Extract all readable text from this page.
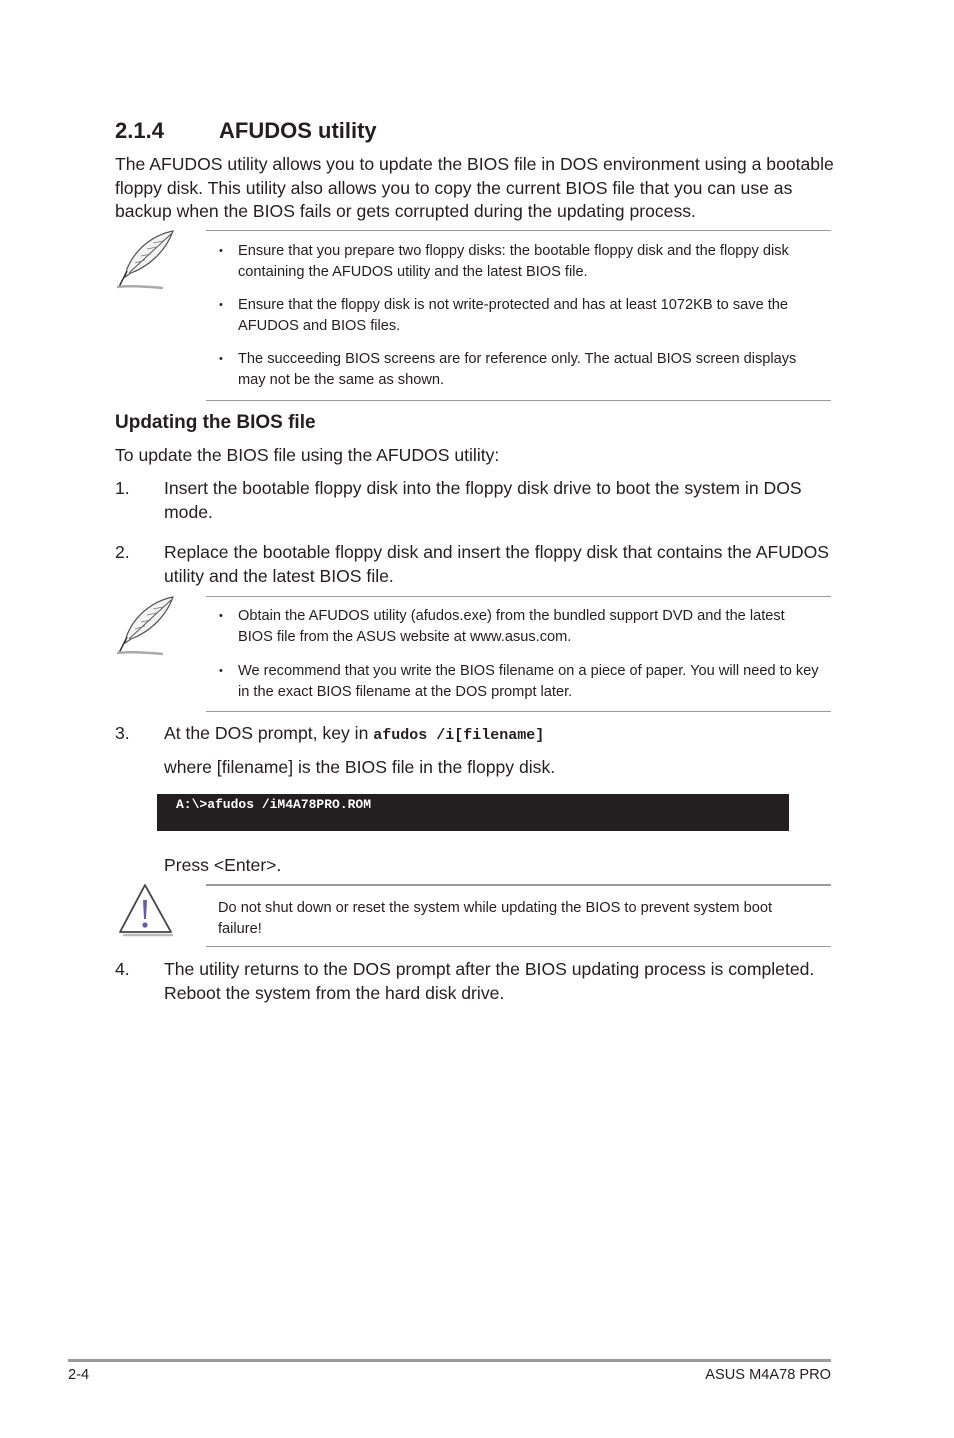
2.1.4	AFUDOS utility

The AFUDOS utility allows you to update the BIOS file in DOS environment using a bootable floppy disk. This utility also allows you to copy the current BIOS file that you can use as backup when the BIOS fails or gets corrupted during the updating process.

• Ensure that you prepare two floppy disks: the bootable floppy disk and the floppy disk containing the AFUDOS utility and the latest BIOS file.
• Ensure that the floppy disk is not write-protected and has at least 1072KB to save the AFUDOS and BIOS files.
• The succeeding BIOS screens are for reference only. The actual BIOS screen displays may not be the same as shown.
Updating the BIOS file

To update the BIOS file using the AFUDOS utility:

1. Insert the bootable floppy disk into the floppy disk drive to boot the system in DOS mode.
2. Replace the bootable floppy disk and insert the floppy disk that contains the AFUDOS utility and the latest BIOS file.
• Obtain the AFUDOS utility (afudos.exe) from the bundled support DVD and the latest BIOS file from the ASUS website at www.asus.com.
• We recommend that you write the BIOS filename on a piece of paper. You will need to key in the exact BIOS filename at the DOS prompt later.
3. At the DOS prompt, key in afudos /i[filename]

where [filename] is the BIOS file in the floppy disk.

A:\>afudos /iM4A78PRO.ROM

Press <Enter>.

Do not shut down or reset the system while updating the BIOS to prevent system boot failure!
4. The utility returns to the DOS prompt after the BIOS updating process is completed. Reboot the system from the hard disk drive.
2-4	ASUS M4A78 PRO
